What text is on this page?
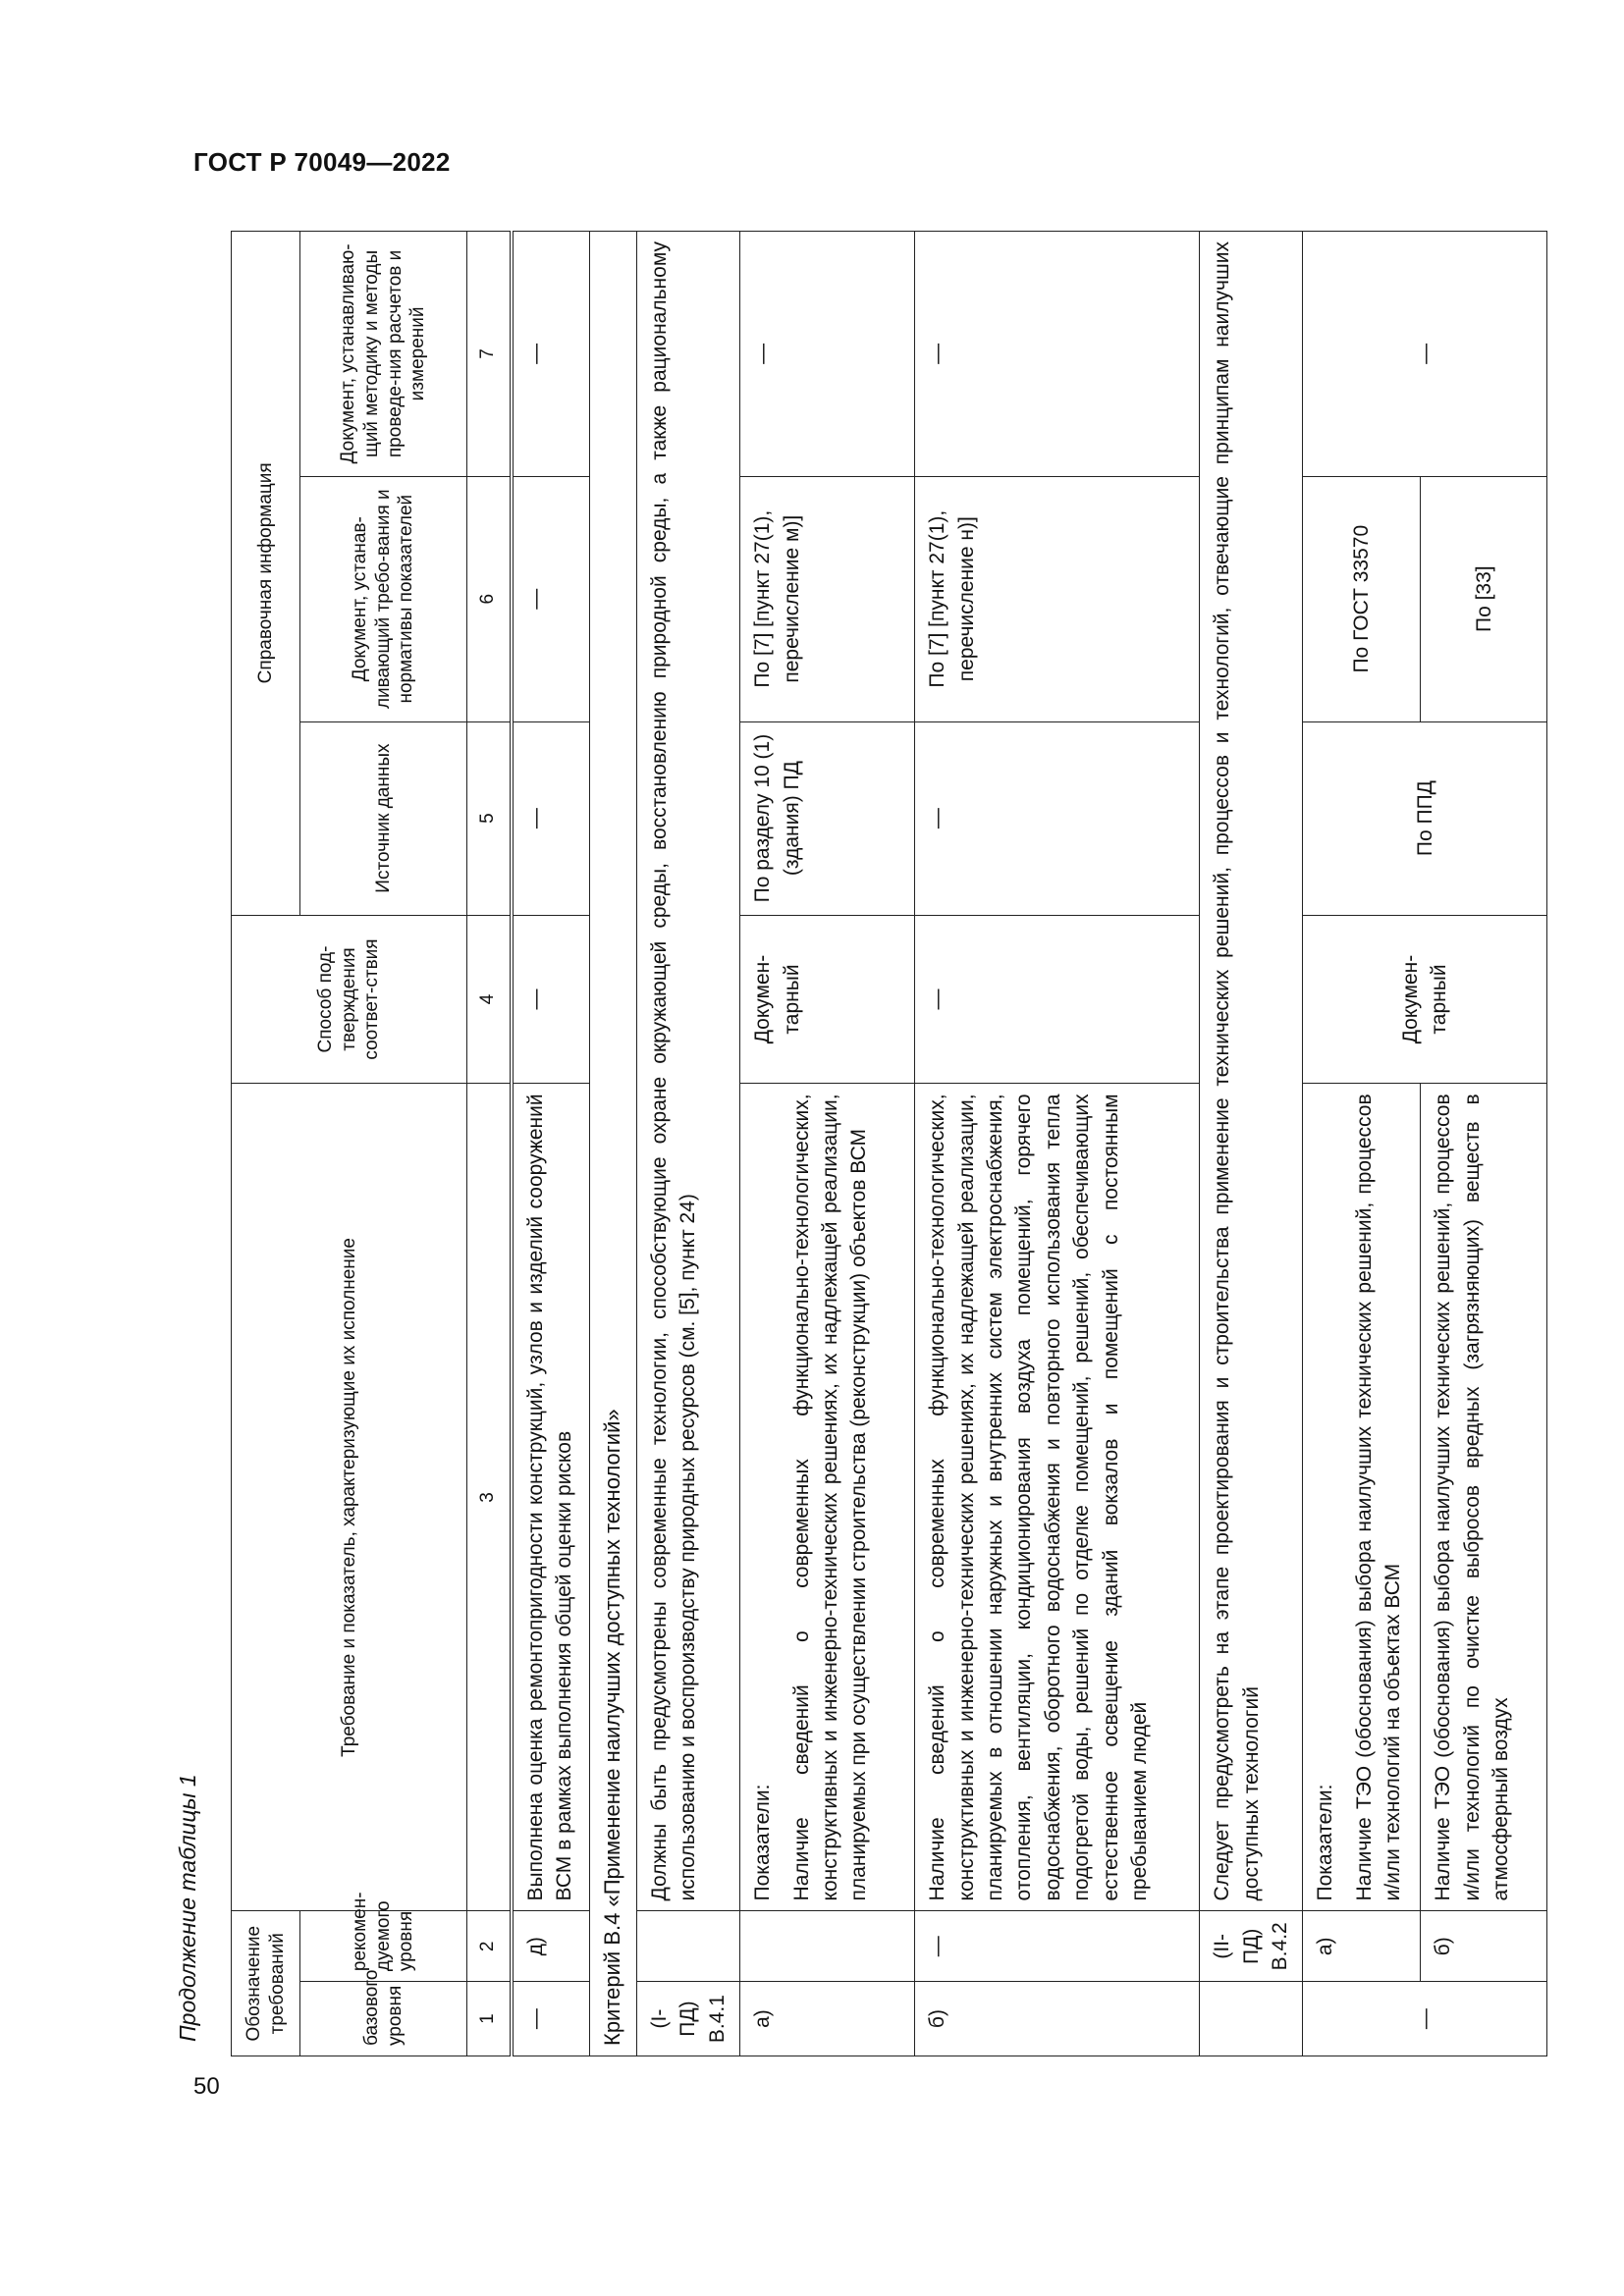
ГОСТ Р 70049—2022
Продолжение таблицы 1
50
Обозначение требований		Требование и показатель, характеризующие их исполнение	Способ под-тверждения соответ-ствия	Справочная информация		
базового уровня	рекомен-дуемого уровня			Источник данных	Документ, устанав-ливающий требо-вания и нормативы показателей	Документ, устанавливаю-щий методику и методы проведе-ния расчетов и измерений
1	2	3	4	5	6	7
—	д)	Выполнена оценка ремонтопригодности конструкций, узлов и изделий сооружений ВСМ в рамках выполнения общей оценки рисков	—	—	—	—
Критерий В.4 «Применение наилучших доступных технологий»						
(I-ПД) В.4.1		Должны быть предусмотрены современные технологии, способствующие охране окружающей среды, восстановлению природной среды, а также рациональному использованию и воспроизводству природных ресурсов (см. [5], пункт 24)				
а)		Показатели: Наличие сведений о современных функционально-технологических, конструктивных и инженерно-технических решениях, их надлежащей реализации, планируемых при осуществлении строительства (реконструкции) объектов ВСМ	Докумен-тарный	По разделу 10 (1) (здания) ПД	По [7] [пункт 27(1), перечисление м)]	—
б)	—	Наличие сведений о современных функционально-технологических, конструктивных и инженерно-технических решениях, их надлежащей реализации, планируемых в отношении наружных и внутренних систем электроснабжения, отопления, вентиляции, кондиционирования воздуха помещений, горячего водоснабжения, оборотного водоснабжения и повторного использования тепла подогретой воды, решений по отделке помещений, решений, обеспечивающих естественное освещение зданий вокзалов и помещений с постоянным пребыванием людей	—	—	По [7] [пункт 27(1), перечисление н)]	—
	(II-ПД) В.4.2	Следует предусмотреть на этапе проектирования и строительства применение технических решений, процессов и технологий, отвечающие принципам наилучших доступных технологий				
—	а)	Показатели: Наличие ТЭО (обоснования) выбора наилучших технических решений, процессов и/или технологий на объектах ВСМ	Докумен-тарный	По ППД	По ГОСТ 33570	—
	б)	Наличие ТЭО (обоснования) выбора наилучших технических решений, процессов и/или технологий по очистке выбросов вредных (загрязняющих) веществ в атмосферный воздух			По [33]	
